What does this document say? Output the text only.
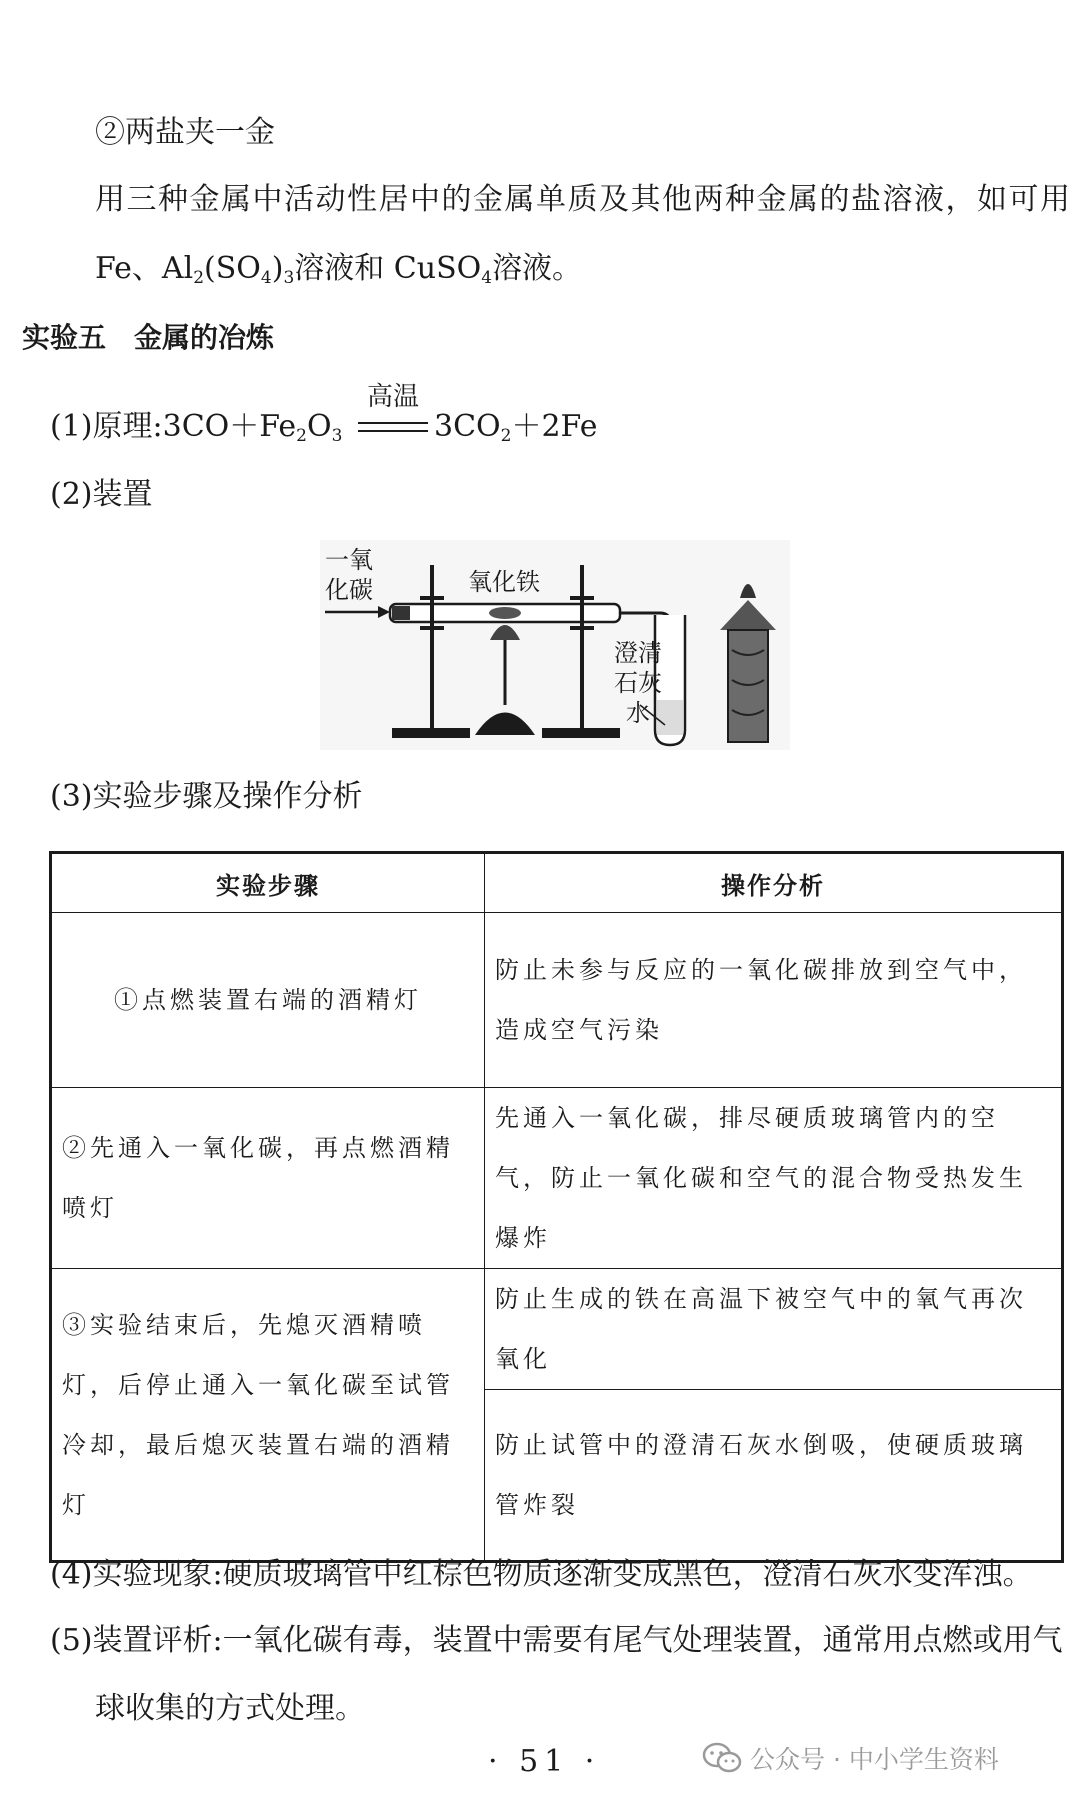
②两盐夹一金
用三种金属中活动性居中的金属单质及其他两种金属的盐溶液，如可用
Fe、$Al_2(SO_4)_3$溶液和 CuSO$_4$溶液。
实验五　金属的冶炼
(1)原理$:3CO+Fe_2O_3$
高温
$3CO_2+2Fe$
(2)装置
一氧
化碳	氧化铁
澄清
石灰
水
(3)实验步骤及操作分析
实验步骤	操作分析
①点燃装置右端的酒精灯	防止未参与反应的一氧化碳排放到空气中，造成空气污染
②先通入一氧化碳，再点燃酒精喷灯	先通入一氧化碳，排尽硬质玻璃管内的空气，防止一氧化碳和空气的混合物受热发生爆炸
③实验结束后，先熄灭酒精喷灯，后停止通入一氧化碳至试管冷却，最后熄灭装置右端的酒精灯	防止生成的铁在高温下被空气中的氧气再次氧化
	防止试管中的澄清石灰水倒吸，使硬质玻璃管炸裂
(4)实验现象:硬质玻璃管中红棕色物质逐渐变成黑色，澄清石灰水变浑浊。
(5)装置评析:一氧化碳有毒，装置中需要有尾气处理装置，通常用点燃或用气
球收集的方式处理。
· 51 ·	公众号 · 中小学生资料
